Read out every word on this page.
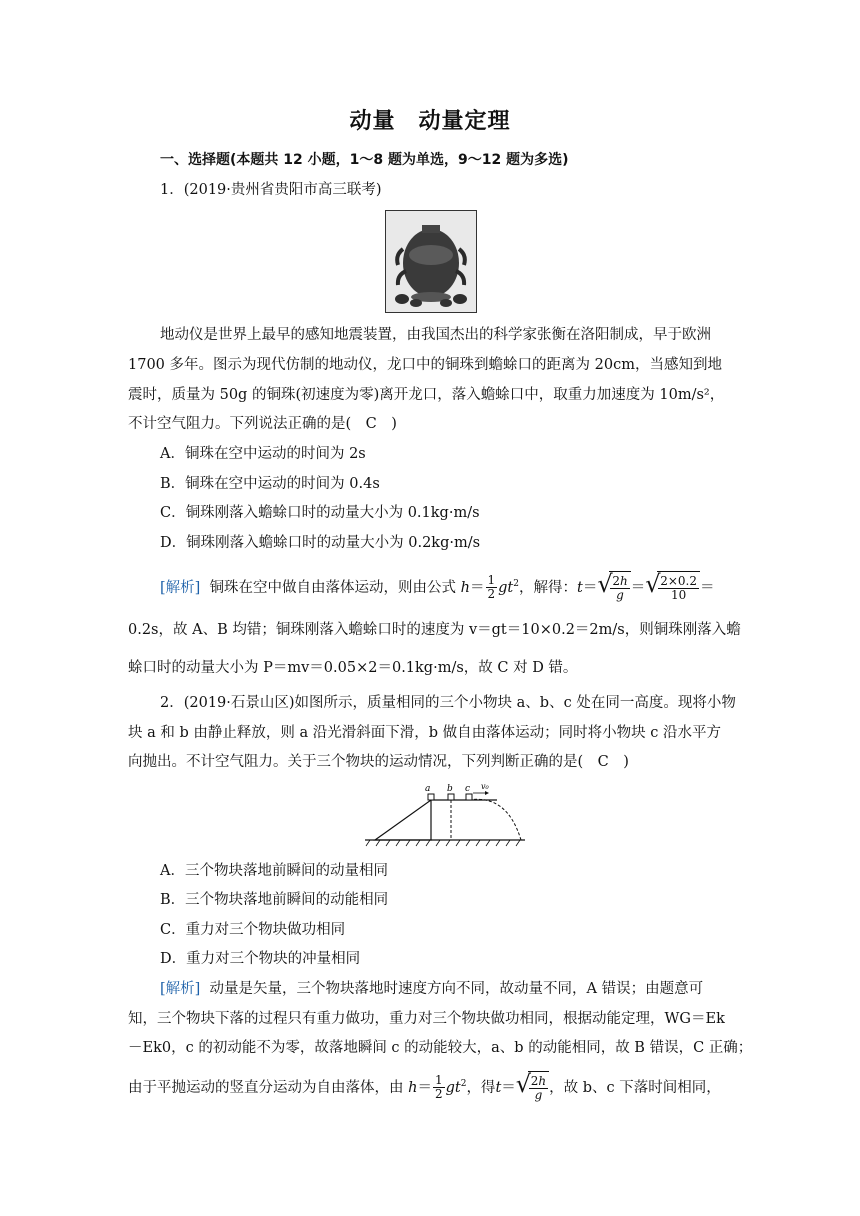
动量　动量定理
一、选择题(本题共 12 小题，1～8 题为单选，9～12 题为多选)
1．(2019·贵州省贵阳市高三联考)
地动仪是世界上最早的感知地震装置，由我国杰出的科学家张衡在洛阳制成，早于欧洲
1700 多年。图示为现代仿制的地动仪，龙口中的铜珠到蟾蜍口的距离为 20cm，当感知到地
震时，质量为 50g 的铜珠(初速度为零)离开龙口，落入蟾蜍口中，取重力加速度为 10m/s²，
不计空气阻力。下列说法正确的是(　C　)
A．铜珠在空中运动的时间为 2s
B．铜珠在空中运动的时间为 0.4s
C．铜珠刚落入蟾蜍口时的动量大小为 0.1kg·m/s
D．铜珠刚落入蟾蜍口时的动量大小为 0.2kg·m/s
[解析] 铜珠在空中做自由落体运动，则由公式 $h= \frac{1}{2} gt^2$，解得：t＝ √
$\frac{2h}{g}$ ＝ √
$\frac{2\times 0.2}{10}$ ＝
0.2s，故 A、B 均错；铜珠刚落入蟾蜍口时的速度为 v＝gt＝10×0.2＝2m/s，则铜珠刚落入蟾
蜍口时的动量大小为 P＝mv＝0.05×2＝0.1kg·m/s，故 C 对 D 错。
2．(2019·石景山区)如图所示，质量相同的三个小物块 a、b、c 处在同一高度。现将小物
块 a 和 b 由静止释放，则 a 沿光滑斜面下滑，b 做自由落体运动；同时将小物块 c 沿水平方
向抛出。不计空气阻力。关于三个物块的运动情况，下列判断正确的是(　C　)
a b c v₀
A．三个物块落地前瞬间的动量相同
B．三个物块落地前瞬间的动能相同
C．重力对三个物块做功相同
D．重力对三个物块的冲量相同
[解析] 动量是矢量，三个物块落地时速度方向不同，故动量不同，A 错误；由题意可
知，三个物块下落的过程只有重力做功，重力对三个物块做功相同，根据动能定理，WG＝Ek
－Ek0，c 的初动能不为零，故落地瞬间 c 的动能较大，a、b 的动能相同，故 B 错误，C 正确；
由于平抛运动的竖直分运动为自由落体，由 $h= \frac{1}{2} gt^2$，得t＝ √
$\frac{2h}{g}$ ，故 b、c 下落时间相同，
